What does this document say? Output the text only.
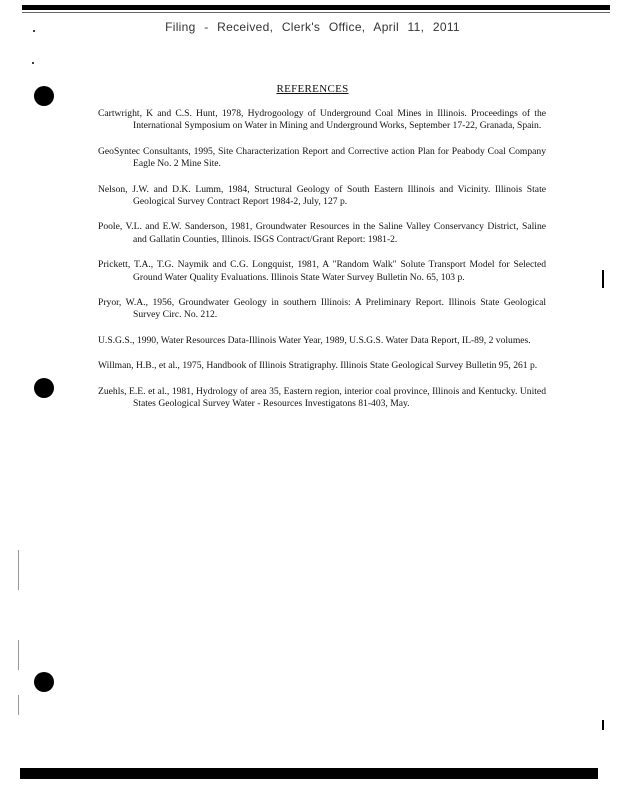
Filing - Received, Clerk's Office, April 11, 2011
REFERENCES
Cartwright, K and C.S. Hunt, 1978, Hydrogoology of Underground Coal Mines in Illinois. Proceedings of the International Symposium on Water in Mining and Underground Works, September 17-22, Granada, Spain.
GeoSyntec Consultants, 1995, Site Characterization Report and Corrective action Plan for Peabody Coal Company Eagle No. 2 Mine Site.
Nelson, J.W. and D.K. Lumm, 1984, Structural Geology of South Eastern Illinois and Vicinity. Illinois State Geological Survey Contract Report 1984-2, July, 127 p.
Poole, V.L. and E.W. Sanderson, 1981, Groundwater Resources in the Saline Valley Conservancy District, Saline and Gallatin Counties, Illinois. ISGS Contract/Grant Report: 1981-2.
Prickett, T.A., T.G. Naymik and C.G. Longquist, 1981, A "Random Walk" Solute Transport Model for Selected Ground Water Quality Evaluations. Illinois State Water Survey Bulletin No. 65, 103 p.
Pryor, W.A., 1956, Groundwater Geology in southern Illinois: A Preliminary Report. Illinois State Geological Survey Circ. No. 212.
U.S.G.S., 1990, Water Resources Data-Illinois Water Year, 1989, U.S.G.S. Water Data Report, IL-89, 2 volumes.
Willman, H.B., et al., 1975, Handbook of Illinois Stratigraphy. Illinois State Geological Survey Bulletin 95, 261 p.
Zuehls, E.E. et al., 1981, Hydrology of area 35, Eastern region, interior coal province, Illinois and Kentucky. United States Geological Survey Water - Resources Investigatons 81-403, May.
